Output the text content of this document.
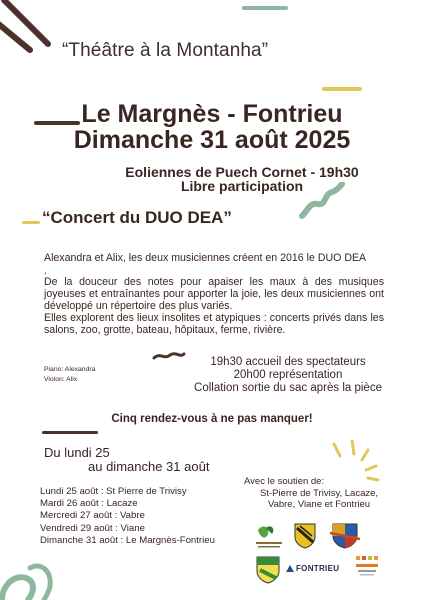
“Théâtre à la Montanha”
Le Margnès - Fontrieu
Dimanche 31 août 2025
Eoliennes de Puech Cornet - 19h30
Libre participation
“Concert du DUO DEA”

Alexandra et Alix, les deux musiciennes créent en 2016 le DUO DEA

.

De la douceur des notes pour apaiser les maux à des musiques joyeuses et entraînantes pour apporter la joie, les deux musiciennes ont développé un répertoire des plus variés.

Elles explorent des lieux insolites et atypiques : concerts privés dans les salons, zoo, grotte, bateau, hôpitaux, ferme, rivière.

Piano: Alexandra
Violon: Alix
19h30 accueil des spectateurs
20h00 représentation
Collation sortie du sac après la pièce
Cinq rendez-vous à ne pas manquer!
Du lundi 25
au dimanche 31 août
Lundi 25 août : St Pierre de Trivisy
Mardi 26 août : Lacaze
Mercredi 27 août : Vabre
Vendredi 29 août : Viane
Dimanche 31 août : Le Margnès-Fontrieu
Avec le soutien de:
St-Pierre de Trivisy, Lacaze,
Vabre, Viane et Fontrieu
FONTRIEU
